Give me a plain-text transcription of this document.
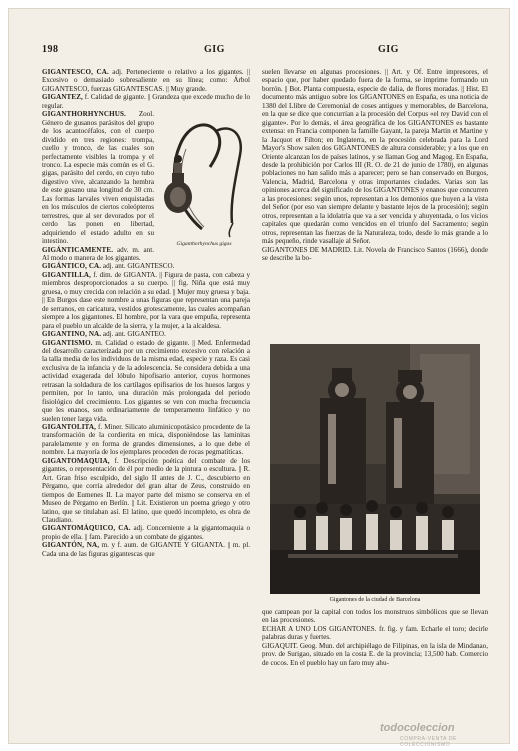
198	GIG	GIG

GIGANTESCO, CA. adj. Perteneciente o relativo a los gigantes. || Excesivo o demasiado sobresaliente en su línea; como: Árbol GIGANTESCO, fuerzas GIGANTESCAS. || Muy grande.

GIGANTEZ, f. Calidad de gigante. || Grandeza que excede mucho de lo regular.

Giganthorhynchus gigas
GIGANTHORHYNCHUS. Zool. Género de gusanos parásitos del grupo de los acantocéfalos, con el cuerpo dividido en tres regiones: trompa, cuello y tronco, de las cuales son perfectamente visibles la trompa y el tronco. La especie más común es el G. gigas, parásito del cerdo, en cuyo tubo digestivo vive, alcanzando la hembra de este gusano una longitud de 30 cm. Las formas larvales viven enquistadas en los músculos de ciertos coleópteros terrestres, que al ser devorados por el cerdo las ponen en libertad, adquiriendo el estado adulto en su intestino.

GIGÁNTICAMENTE. adv. m. ant. Al modo o manera de los gigantes.

GIGÁNTICO, CA. adj. ant. GIGANTESCO.

GIGANTILLA, f. dim. de GIGANTA. || Figura de pasta, con cabeza y miembros desproporcionados a su cuerpo. || fig. Niña que está muy gruesa, o muy crecida con relación a su edad. || Mujer muy gruesa y baja. || En Burgos dase este nombre a unas figuras que representan una pareja de serranos, en caricatura, vestidos grotescamente, las cuales acompañan siempre a los gigantones. El hombre, por la vara que empuña, representa para el pueblo un alcalde de la sierra, y la mujer, a la alcaldesa.

GIGANTINO, NA. adj. ant. GIGANTEO.

GIGANTISMO. m. Calidad o estado de gigante. || Med. Enfermedad del desarrollo caracterizada por un crecimiento excesivo con relación a la talla media de los individuos de la misma edad, especie y raza. Es casi exclusiva de la infancia y de la adolescencia. Se considera debida a una actividad exagerada del lóbulo hipofisario anterior, cuyos hormones retrasan la soldadura de los cartílagos epifisarios de los huesos largos y permiten, por lo tanto, una duración más prolongada del periodo fisiológico del crecimiento. Los gigantes se ven con mucha frecuencia que les enanos, son ordinariamente de temperamento linfático y no suelen tener larga vida.

GIGANTOLITA, f. Miner. Silicato aluminicopotásico procedente de la transformación de la cordierita en mica, disponiéndose las laminitas paralelamente y en forma de grandes dimensiones, a lo que debe el nombre. La mayoría de los ejemplares proceden de rocas pegmatíticas.

GIGANTOMAQUIA, f. Descripción poética del combate de los gigantes, o representación de él por medio de la pintura o escultura. || R. Art. Gran friso esculpido, del siglo II antes de J. C., descubierto en Pérgamo, que corría alrededor del gran altar de Zeus, construido en tiempos de Eumenes II. La mayor parte del mismo se conserva en el Museo de Pérgamo en Berlín. || Lit. Existieron un poema griego y otro latino, que se titulaban así. El latino, que quedó incompleto, es obra de Claudiano.

GIGANTOMÁQUICO, CA. adj. Concerniente a la gigantomaquia o propio de ella. || fam. Parecido a un combate de gigantes.

GIGANTÓN, NA, m. y f. aum. de GIGANTE Y GIGANTA. || m. pl. Cada una de las figuras gigantescas que

suelen llevarse en algunas procesiones. || Art. y Of. Entre impresores, el espacio que, por haber quedado fuera de la forma, se imprime formando un borrón. || Bot. Planta compuesta, especie de dalia, de flores moradas. || Hist. El documento más antiguo sobre los GIGANTONES en España, es una noticia de 1380 del Llibre de Ceremonial de coses antigues y memorables, de Barcelona, en la que se dice que concurrían a la procesión del Corpus «el rey David con el gigante». Por lo demás, el área geográfica de los GIGANTONES es bastante extensa: en Francia componen la famille Gayant, la pareja Martin et Martine y la Jacquot et Filton; en Inglaterra, en la procesión celebrada para la Lord Mayor's Show salen dos GIGANTONES de altura considerable; y a los que en Oriente alcanzan los de países latinos, y se llaman Gog and Magog. En España, desde la prohibición por Carlos III (R. O. de 21 de junio de 1780), en algunas poblaciones no han salido más a aparecer; pero se han conservado en Burgos, Valencia, Madrid, Barcelona y otras importantes ciudades. Varias son las opiniones acerca del significado de los GIGANTONES y enanos que concurren a las procesiones: según unos, representan a los demonios que huyen a la vista del Señor (por eso van siempre delante y bastante lejos de la procesión); según otros, representan a la idolatría que va a ser vencida y ahuyentada, o los vicios capitales que quedarán como vencidos en el triunfo del Sacramento; según otros, representan las fuerzas de la Naturaleza, todo, desde lo más grande a lo más pequeño, rinde vasallaje al Señor.

GIGANTONES DE MADRID. Lit. Novela de Francisco Santos (1666), donde se describe la bo-

Gigantones de la ciudad de Barcelona

que campean por la capital con todos los monstruos simbólicos que se llevan en las procesiones.

ECHAR A UNO LOS GIGANTONES. fr. fig. y fam. Echarle el toro; decirle palabras duras y fuertes.

GIGAQUIT. Geog. Mun. del archipiélago de Filipinas, en la isla de Mindanao, prov. de Surigao, situado en la costa E. de la provincia; 13,500 hab. Comercio de cocos. En el pueblo hay un faro muy ahu-

todocoleccion
COMPRA-VENTA DE COLECCIONISMO
